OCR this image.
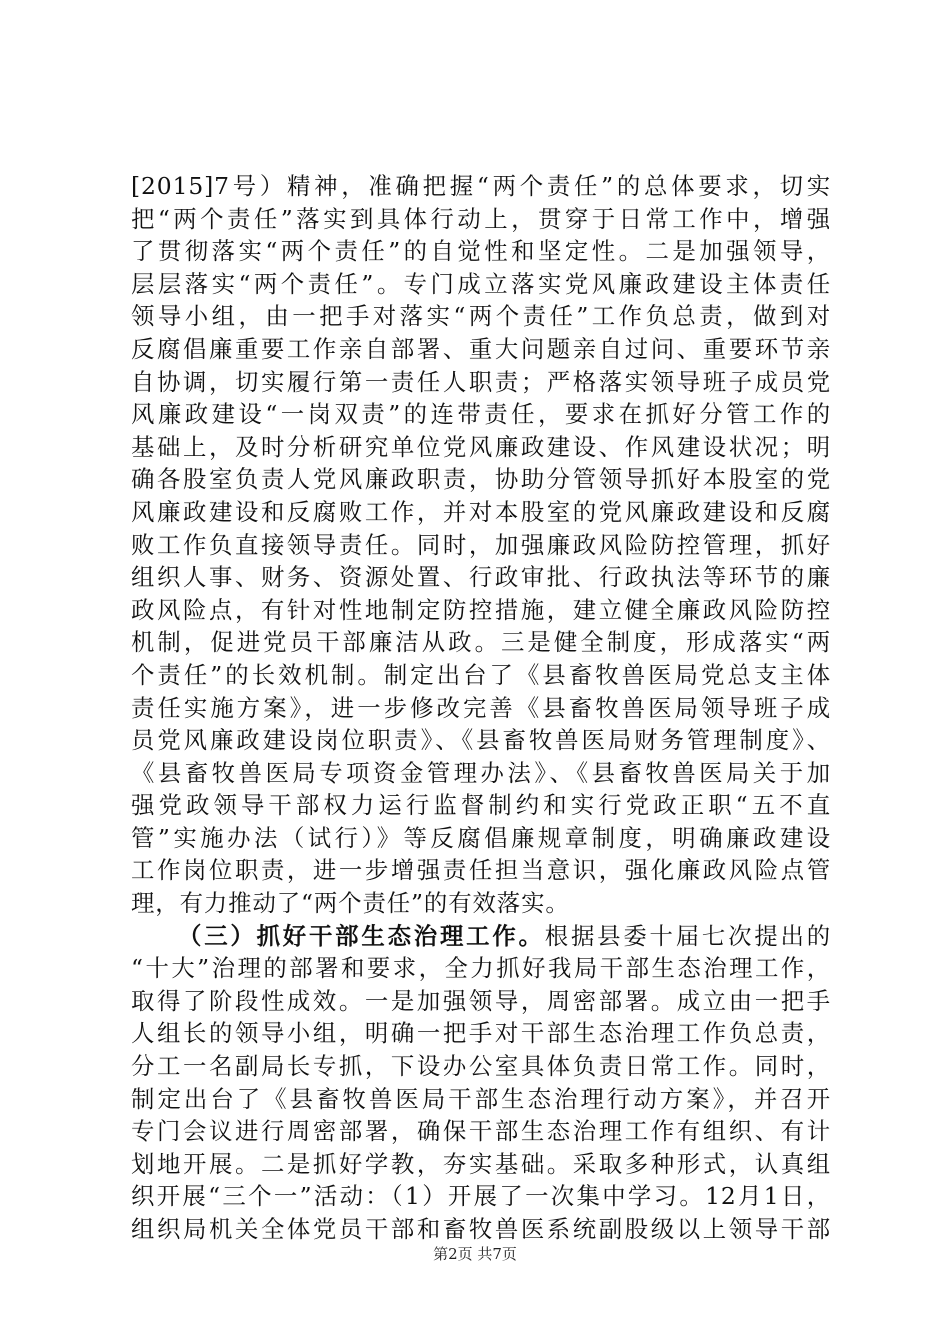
[2015]7号）精神，准确把握“两个责任”的总体要求，切实
把“两个责任”落实到具体行动上，贯穿于日常工作中，增强
了贯彻落实“两个责任”的自觉性和坚定性。二是加强领导，
层层落实“两个责任”。专门成立落实党风廉政建设主体责任
领导小组，由一把手对落实“两个责任”工作负总责，做到对
反腐倡廉重要工作亲自部署、重大问题亲自过问、重要环节亲
自协调，切实履行第一责任人职责；严格落实领导班子成员党
风廉政建设“一岗双责”的连带责任，要求在抓好分管工作的
基础上，及时分析研究单位党风廉政建设、作风建设状况；明
确各股室负责人党风廉政职责，协助分管领导抓好本股室的党
风廉政建设和反腐败工作，并对本股室的党风廉政建设和反腐
败工作负直接领导责任。同时，加强廉政风险防控管理，抓好
组织人事、财务、资源处置、行政审批、行政执法等环节的廉
政风险点，有针对性地制定防控措施，建立健全廉政风险防控
机制，促进党员干部廉洁从政。三是健全制度，形成落实“两
个责任”的长效机制。制定出台了《县畜牧兽医局党总支主体
责任实施方案》，进一步修改完善《县畜牧兽医局领导班子成
员党风廉政建设岗位职责》、《县畜牧兽医局财务管理制度》、
《县畜牧兽医局专项资金管理办法》、《县畜牧兽医局关于加
强党政领导干部权力运行监督制约和实行党政正职“五不直
管”实施办法（试行）》等反腐倡廉规章制度，明确廉政建设
工作岗位职责，进一步增强责任担当意识，强化廉政风险点管
理，有力推动了“两个责任”的有效落实。
（三）抓好干部生态治理工作。根据县委十届七次提出的
“十大”治理的部署和要求，全力抓好我局干部生态治理工作，
取得了阶段性成效。一是加强领导，周密部署。成立由一把手
人组长的领导小组，明确一把手对干部生态治理工作负总责，
分工一名副局长专抓，下设办公室具体负责日常工作。同时，
制定出台了《县畜牧兽医局干部生态治理行动方案》，并召开
专门会议进行周密部署，确保干部生态治理工作有组织、有计
划地开展。二是抓好学教，夯实基础。采取多种形式，认真组
织开展“三个一”活动：（1）开展了一次集中学习。12月1日，
组织局机关全体党员干部和畜牧兽医系统副股级以上领导干部
第2页 共7页
